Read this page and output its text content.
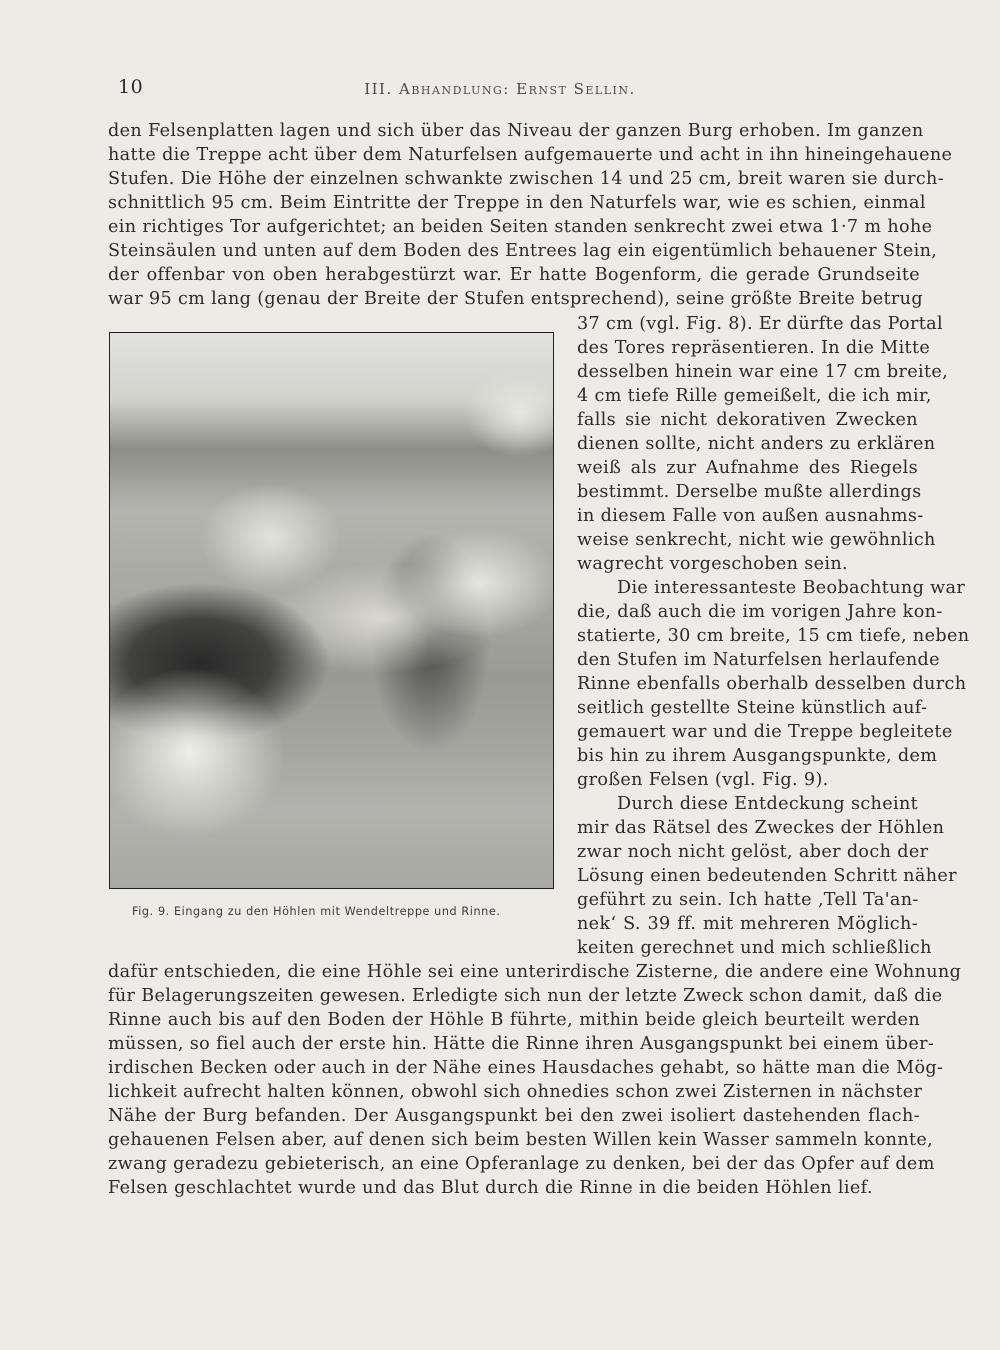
10	III. Abhandlung: Ernst Sellin.
den Felsenplatten lagen und sich über das Niveau der ganzen Burg erhoben. Im ganzen
hatte die Treppe acht über dem Naturfelsen aufgemauerte und acht in ihn hineingehauene
Stufen. Die Höhe der einzelnen schwankte zwischen 14 und 25 cm, breit waren sie durch-
schnittlich 95 cm. Beim Eintritte der Treppe in den Naturfels war, wie es schien, einmal
ein richtiges Tor aufgerichtet; an beiden Seiten standen senkrecht zwei etwa 1·7 m hohe
Steinsäulen und unten auf dem Boden des Entrees lag ein eigentümlich behauener Stein,
der offenbar von oben herabgestürzt war. Er hatte Bogenform, die gerade Grundseite
war 95 cm lang (genau der Breite der Stufen entsprechend), seine größte Breite betrug
Fig. 9. Eingang zu den Höhlen mit Wendeltreppe und Rinne.
37 cm (vgl. Fig. 8). Er dürfte das Portal
des Tores repräsentieren. In die Mitte
desselben hinein war eine 17 cm breite,
4 cm tiefe Rille gemeißelt, die ich mir,
falls sie nicht dekorativen Zwecken
dienen sollte, nicht anders zu erklären
weiß als zur Aufnahme des Riegels
bestimmt. Derselbe mußte allerdings
in diesem Falle von außen ausnahms-
weise senkrecht, nicht wie gewöhnlich
wagrecht vorgeschoben sein.
Die interessanteste Beobachtung war
die, daß auch die im vorigen Jahre kon-
statierte, 30 cm breite, 15 cm tiefe, neben
den Stufen im Naturfelsen herlaufende
Rinne ebenfalls oberhalb desselben durch
seitlich gestellte Steine künstlich auf-
gemauert war und die Treppe begleitete
bis hin zu ihrem Ausgangspunkte, dem
großen Felsen (vgl. Fig. 9).
Durch diese Entdeckung scheint
mir das Rätsel des Zweckes der Höhlen
zwar noch nicht gelöst, aber doch der
Lösung einen bedeutenden Schritt näher
geführt zu sein. Ich hatte ‚Tell Ta'an-
nek‘ S. 39 ff. mit mehreren Möglich-
keiten gerechnet und mich schließlich
dafür entschieden, die eine Höhle sei eine unterirdische Zisterne, die andere eine Wohnung
für Belagerungszeiten gewesen. Erledigte sich nun der letzte Zweck schon damit, daß die
Rinne auch bis auf den Boden der Höhle B führte, mithin beide gleich beurteilt werden
müssen, so fiel auch der erste hin. Hätte die Rinne ihren Ausgangspunkt bei einem über-
irdischen Becken oder auch in der Nähe eines Hausdaches gehabt, so hätte man die Mög-
lichkeit aufrecht halten können, obwohl sich ohnedies schon zwei Zisternen in nächster
Nähe der Burg befanden. Der Ausgangspunkt bei den zwei isoliert dastehenden flach-
gehauenen Felsen aber, auf denen sich beim besten Willen kein Wasser sammeln konnte,
zwang geradezu gebieterisch, an eine Opferanlage zu denken, bei der das Opfer auf dem
Felsen geschlachtet wurde und das Blut durch die Rinne in die beiden Höhlen lief.
